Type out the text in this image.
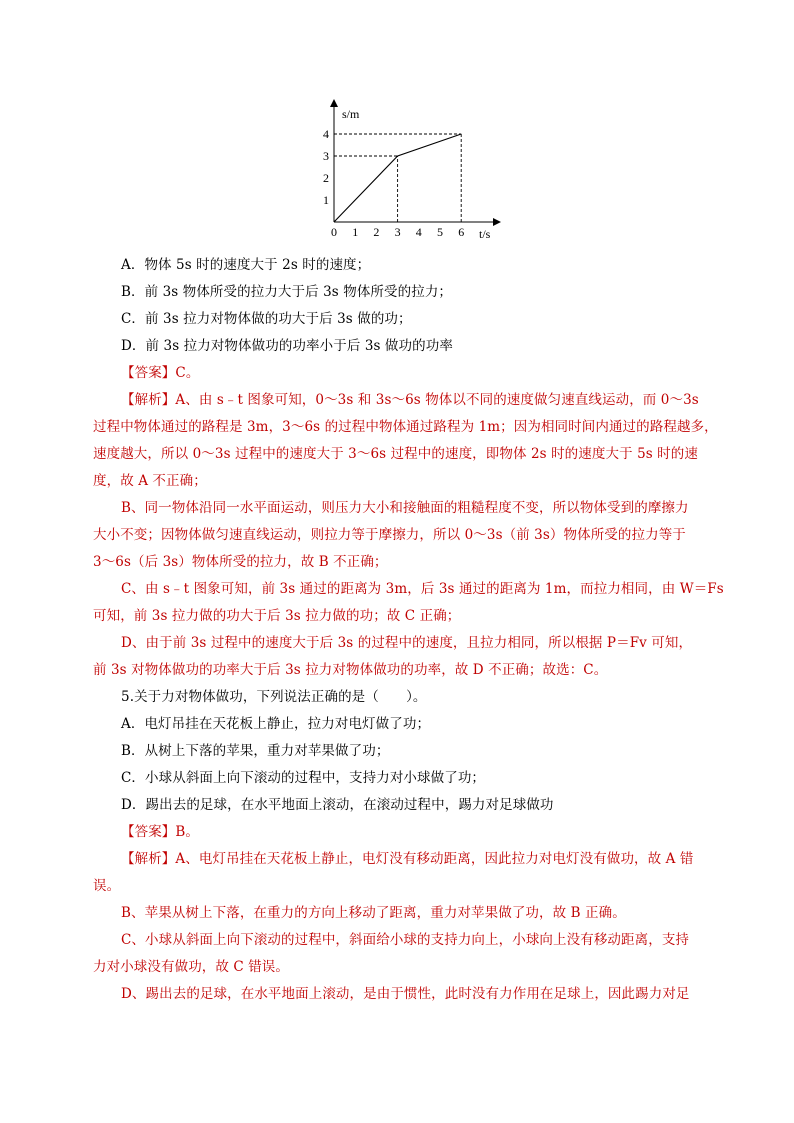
0 1 2 3 4 5 6
1
2
3
4
s/m
t/s
A．物体 5s 时的速度大于 2s 时的速度；
B．前 3s 物体所受的拉力大于后 3s 物体所受的拉力；
C．前 3s 拉力对物体做的功大于后 3s 做的功；
D．前 3s 拉力对物体做功的功率小于后 3s 做功的功率
【答案】C。
【解析】A、由 s﹣t 图象可知，0～3s 和 3s～6s 物体以不同的速度做匀速直线运动，而 0～3s
过程中物体通过的路程是 3m，3～6s 的过程中物体通过路程为 1m；因为相同时间内通过的路程越多，
速度越大，所以 0～3s 过程中的速度大于 3～6s 过程中的速度，即物体 2s 时的速度大于 5s 时的速
度，故 A 不正确；
B、同一物体沿同一水平面运动，则压力大小和接触面的粗糙程度不变，所以物体受到的摩擦力
大小不变；因物体做匀速直线运动，则拉力等于摩擦力，所以 0～3s（前 3s）物体所受的拉力等于
3～6s（后 3s）物体所受的拉力，故 B 不正确；
C、由 s﹣t 图象可知，前 3s 通过的距离为 3m，后 3s 通过的距离为 1m，而拉力相同，由 W＝Fs
可知，前 3s 拉力做的功大于后 3s 拉力做的功；故 C 正确；
D、由于前 3s 过程中的速度大于后 3s 的过程中的速度，且拉力相同，所以根据 P＝Fv 可知，
前 3s 对物体做功的功率大于后 3s 拉力对物体做功的功率，故 D 不正确；故选：C。
5.关于力对物体做功，下列说法正确的是（　　）。
A．电灯吊挂在天花板上静止，拉力对电灯做了功；
B．从树上下落的苹果，重力对苹果做了功；
C．小球从斜面上向下滚动的过程中，支持力对小球做了功；
D．踢出去的足球，在水平地面上滚动，在滚动过程中，踢力对足球做功
【答案】B。
【解析】A、电灯吊挂在天花板上静止，电灯没有移动距离，因此拉力对电灯没有做功，故 A 错
误。
B、苹果从树上下落，在重力的方向上移动了距离，重力对苹果做了功，故 B 正确。
C、小球从斜面上向下滚动的过程中，斜面给小球的支持力向上，小球向上没有移动距离，支持
力对小球没有做功，故 C 错误。
D、踢出去的足球，在水平地面上滚动，是由于惯性，此时没有力作用在足球上，因此踢力对足
